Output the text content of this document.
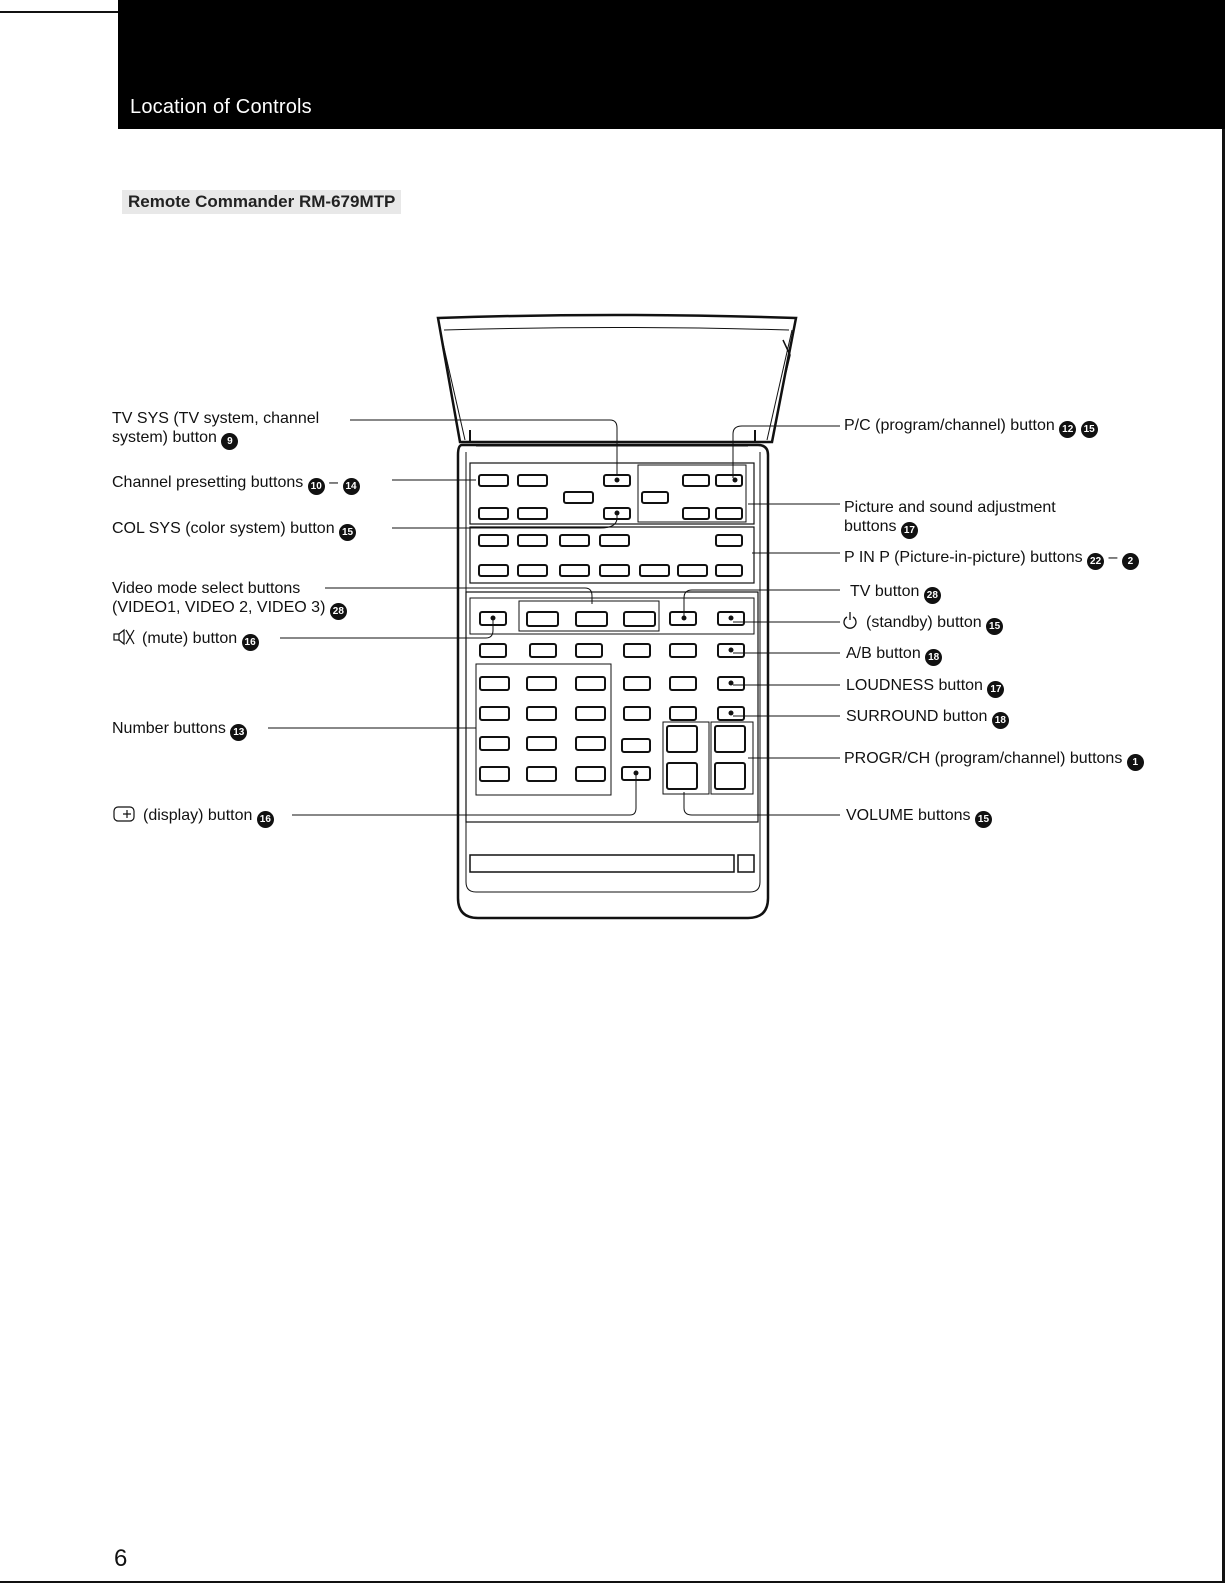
Location of Controls
Remote Commander RM-679MTP
TV SYS (TV system, channel
system) button 9
Channel presetting buttons 10 – 14
COL SYS (color system) button 15
Video mode select buttons
(VIDEO1, VIDEO 2, VIDEO 3) 28
(mute) button 16
Number buttons 13
(display) button 16
P/C (program/channel) button 12 15
Picture and sound adjustment
buttons 17
P IN P (Picture-in-picture) buttons 22 – 2
TV button 28
(standby) button 15
A/B button 18
LOUDNESS button 17
SURROUND button 18
PROGR/CH (program/channel) buttons 1
VOLUME buttons 15
6
